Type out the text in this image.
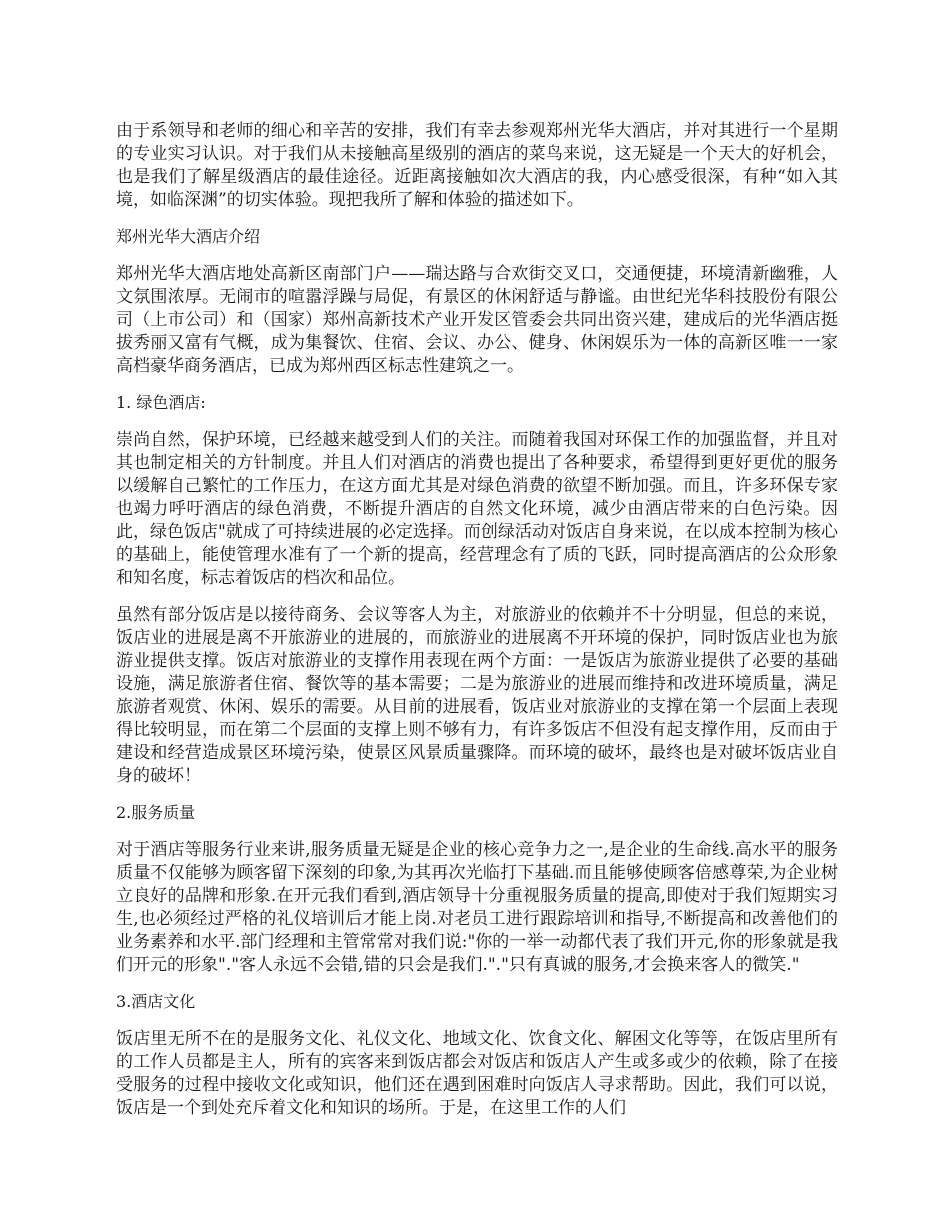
由于系领导和老师的细心和辛苦的安排，我们有幸去参观郑州光华大酒店，并对其进行一个星期的专业实习认识。对于我们从未接触高星级别的酒店的菜鸟来说，这无疑是一个天大的好机会，也是我们了解星级酒店的最佳途径。近距离接触如次大酒店的我，内心感受很深，有种“如入其境，如临深渊”的切实体验。现把我所了解和体验的描述如下。

郑州光华大酒店介绍

郑州光华大酒店地处高新区南部门户——瑞达路与合欢街交叉口，交通便捷，环境清新幽雅，人文氛围浓厚。无闹市的喧嚣浮躁与局促，有景区的休闲舒适与静谧。由世纪光华科技股份有限公司（上市公司）和（国家）郑州高新技术产业开发区管委会共同出资兴建，建成后的光华酒店挺拔秀丽又富有气概，成为集餐饮、住宿、会议、办公、健身、休闲娱乐为一体的高新区唯一一家高档豪华商务酒店，已成为郑州西区标志性建筑之一。

1. 绿色酒店:

崇尚自然，保护环境，已经越来越受到人们的关注。而随着我国对环保工作的加强监督，并且对其也制定相关的方针制度。并且人们对酒店的消费也提出了各种要求，希望得到更好更优的服务以缓解自己繁忙的工作压力，在这方面尤其是对绿色消费的欲望不断加强。而且，许多环保专家也竭力呼吁酒店的绿色消费，不断提升酒店的自然文化环境，减少由酒店带来的白色污染。因此，绿色饭店"就成了可持续进展的必定选择。而创绿活动对饭店自身来说，在以成本控制为核心的基础上，能使管理水准有了一个新的提高，经营理念有了质的飞跃，同时提高酒店的公众形象和知名度，标志着饭店的档次和品位。

虽然有部分饭店是以接待商务、会议等客人为主，对旅游业的依赖并不十分明显，但总的来说，饭店业的进展是离不开旅游业的进展的，而旅游业的进展离不开环境的保护，同时饭店业也为旅游业提供支撑。饭店对旅游业的支撑作用表现在两个方面：一是饭店为旅游业提供了必要的基础设施，满足旅游者住宿、餐饮等的基本需要；二是为旅游业的进展而维持和改进环境质量，满足旅游者观赏、休闲、娱乐的需要。从目前的进展看，饭店业对旅游业的支撑在第一个层面上表现得比较明显，而在第二个层面的支撑上则不够有力，有许多饭店不但没有起支撑作用，反而由于建设和经营造成景区环境污染，使景区风景质量骤降。而环境的破坏，最终也是对破坏饭店业自身的破坏！

2.服务质量

对于酒店等服务行业来讲,服务质量无疑是企业的核心竞争力之一,是企业的生命线.高水平的服务质量不仅能够为顾客留下深刻的印象,为其再次光临打下基础.而且能够使顾客倍感尊荣,为企业树立良好的品牌和形象.在开元我们看到,酒店领导十分重视服务质量的提高,即使对于我们短期实习生,也必须经过严格的礼仪培训后才能上岗.对老员工进行跟踪培训和指导,不断提高和改善他们的业务素养和水平.部门经理和主管常常对我们说:"你的一举一动都代表了我们开元,你的形象就是我们开元的形象"."客人永远不会错,错的只会是我们."."只有真诚的服务,才会换来客人的微笑."

3.酒店文化

饭店里无所不在的是服务文化、礼仪文化、地域文化、饮食文化、解困文化等等，在饭店里所有的工作人员都是主人，所有的宾客来到饭店都会对饭店和饭店人产生或多或少的依赖，除了在接受服务的过程中接收文化或知识，他们还在遇到困难时向饭店人寻求帮助。因此，我们可以说，饭店是一个到处充斥着文化和知识的场所。于是，在这里工作的人们
